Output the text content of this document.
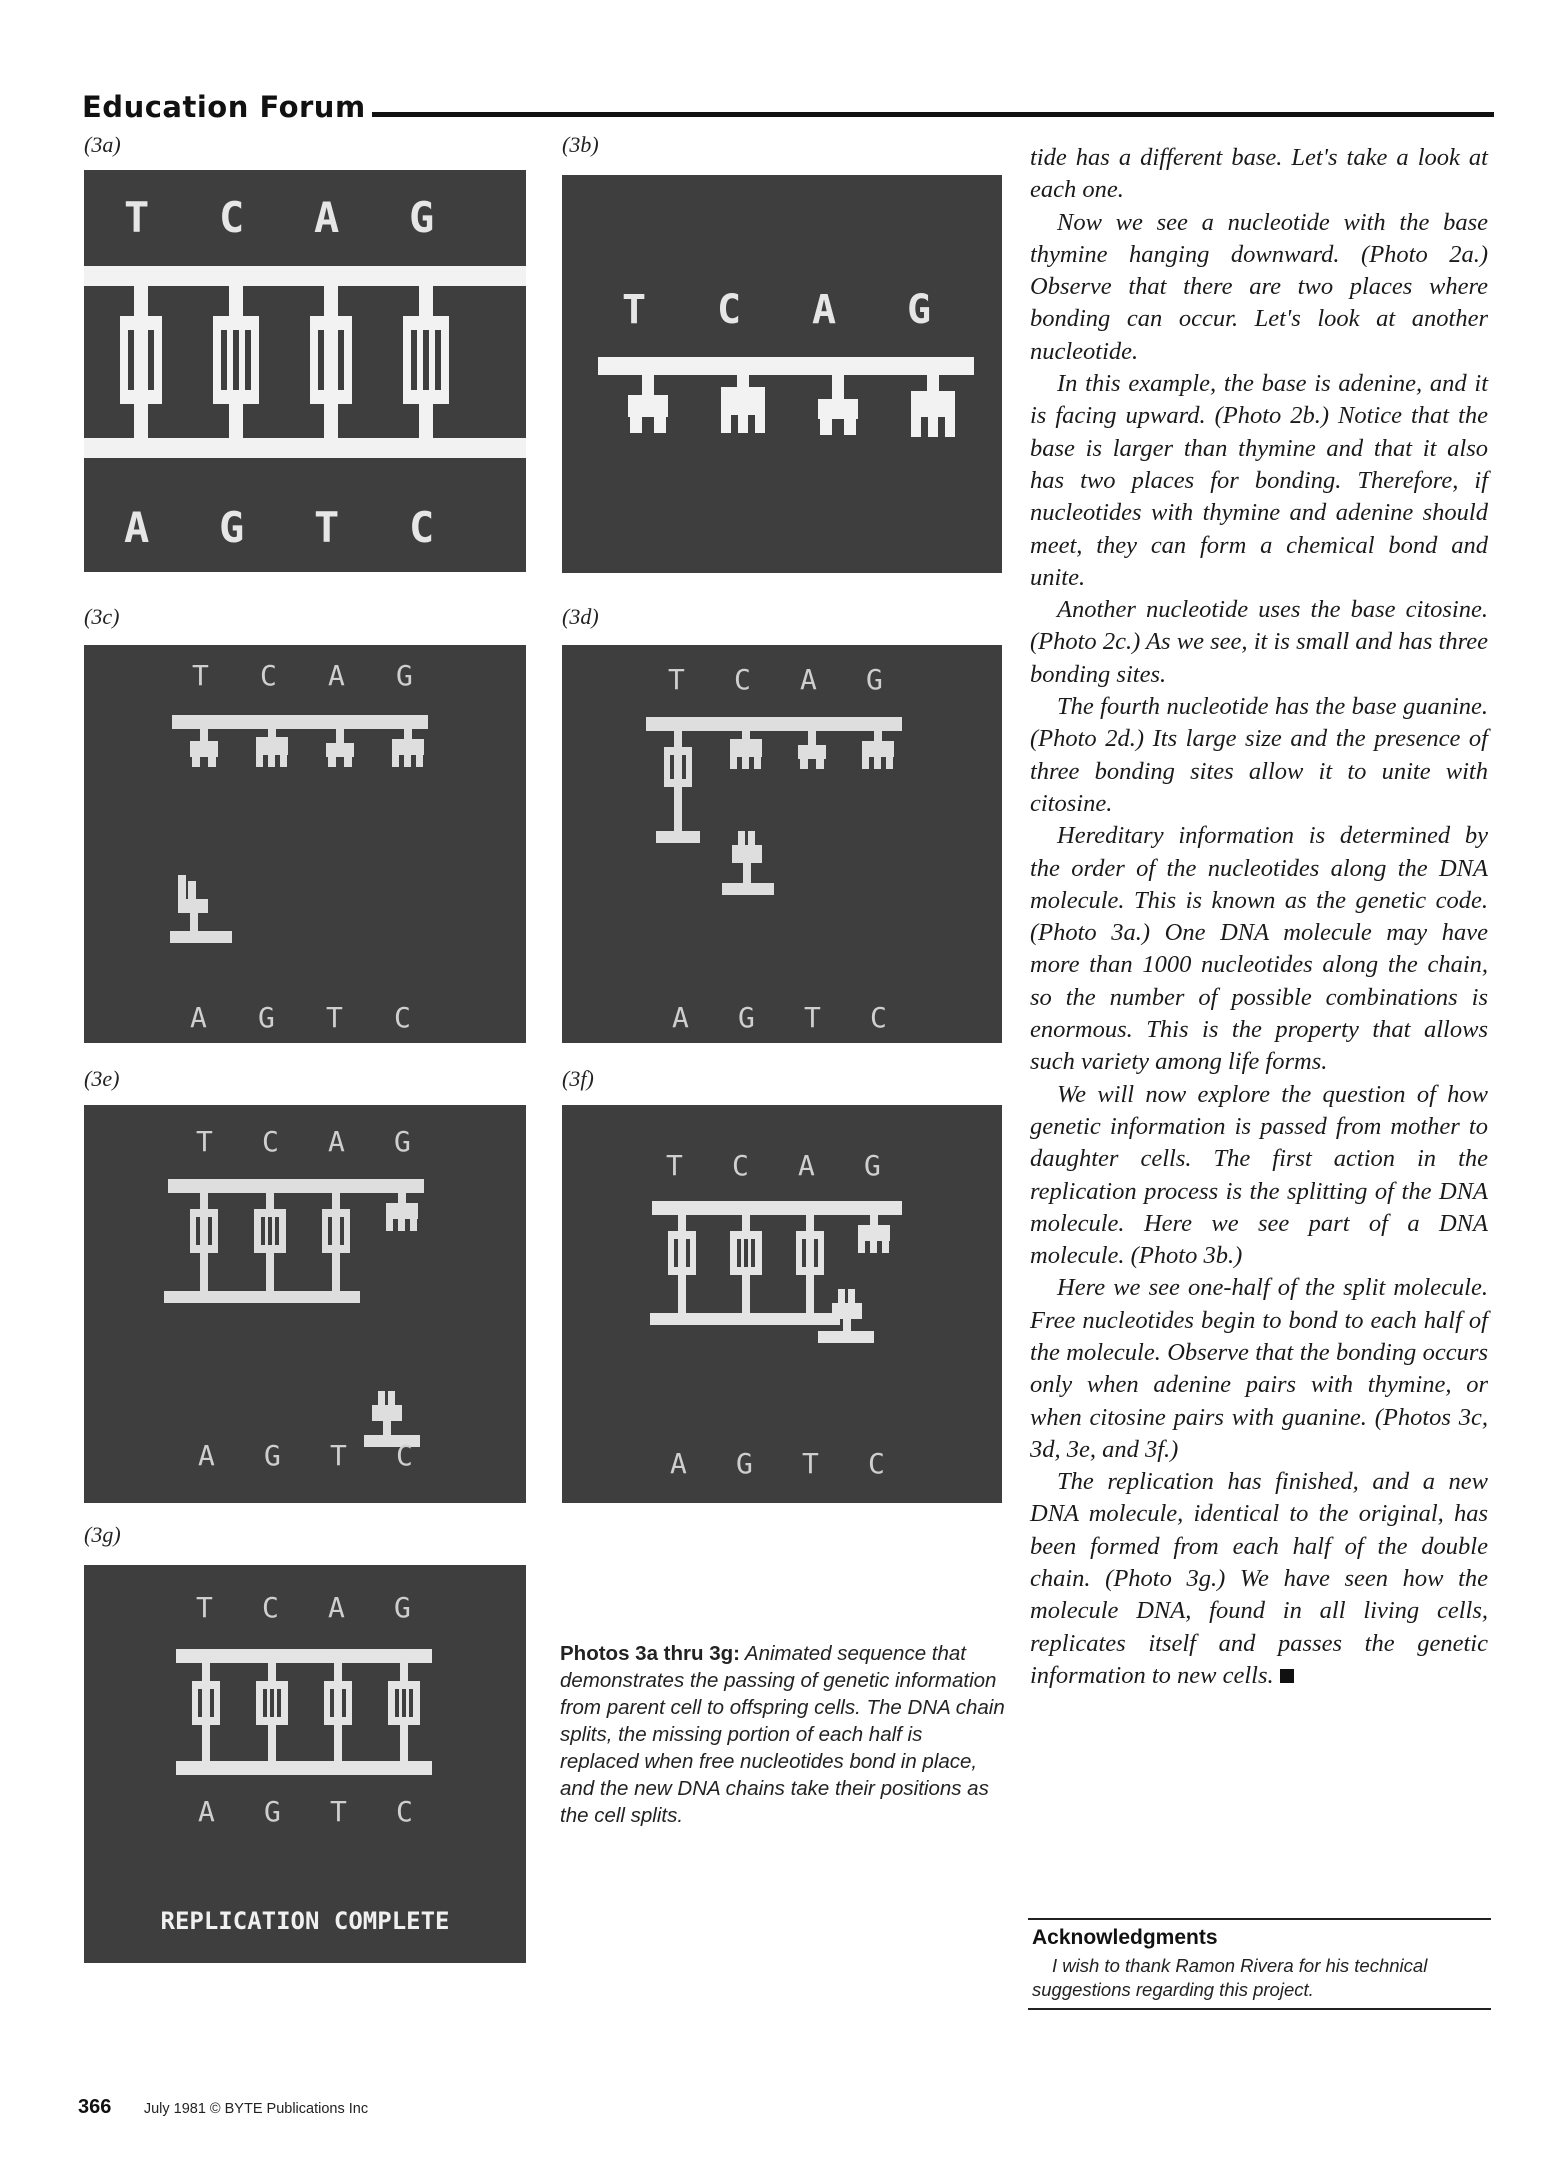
Education Forum
(3a)	(3b)
(3c)	(3d)
(3e)	(3f)
(3g)
T C A G
A G T C
T C A G
T C A G
A G T C
T C A G
A G T C
T C A G
A G T C
T C A G
A G T C
T C A G
A G T C
REPLICATION COMPLETE
Photos 3a thru 3g: Animated sequence that demonstrates the passing of genetic information from parent cell to offspring cells. The DNA chain splits, the missing portion of each half is replaced when free nucleotides bond in place, and the new DNA chains take their positions as the cell splits.

tide has a different base. Let's take a look at each one.

Now we see a nucleotide with the base thymine hanging downward. (Photo 2a.) Observe that there are two places where bonding can occur. Let's look at another nucleotide.

In this example, the base is adenine, and it is facing upward. (Photo 2b.) Notice that the base is larger than thymine and that it also has two places for bonding. Therefore, if nucleotides with thymine and adenine should meet, they can form a chemical bond and unite.

Another nucleotide uses the base citosine. (Photo 2c.) As we see, it is small and has three bonding sites.

The fourth nucleotide has the base guanine. (Photo 2d.) Its large size and the presence of three bonding sites allow it to unite with citosine.

Hereditary information is determined by the order of the nucleotides along the DNA molecule. This is known as the genetic code. (Photo 3a.) One DNA molecule may have more than 1000 nucleotides along the chain, so the number of possible combinations is enormous. This is the property that allows such variety among life forms.

We will now explore the question of how genetic information is passed from mother to daughter cells. The first action in the replication process is the splitting of the DNA molecule. Here we see part of a DNA molecule. (Photo 3b.)

Here we see one-half of the split molecule. Free nucleotides begin to bond to each half of the molecule. Observe that the bonding occurs only when adenine pairs with thymine, or when citosine pairs with guanine. (Photos 3c, 3d, 3e, and 3f.)

The replication has finished, and a new DNA molecule, identical to the original, has been formed from each half of the double chain. (Photo 3g.) We have seen how the molecule DNA, found in all living cells, replicates itself and passes the genetic information to new cells.

Acknowledgments
I wish to thank Ramon Rivera for his technical suggestions regarding this project.
366 July 1981 © BYTE Publications Inc
